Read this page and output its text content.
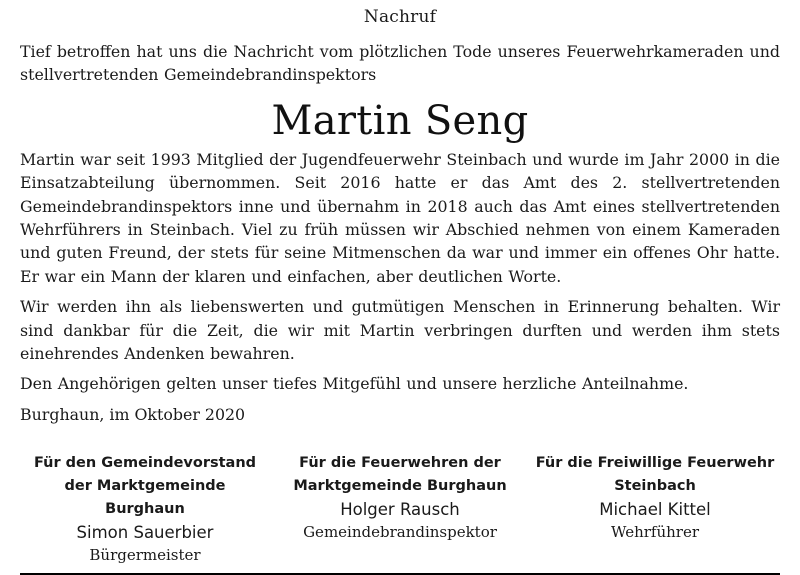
Nachruf

Tief betroffen hat uns die Nachricht vom plötzlichen Tode unseres Feuerwehrkameraden und stellvertretenden Gemeindebrandinspektors

Martin Seng

Martin war seit 1993 Mitglied der Jugendfeuerwehr Steinbach und wurde im Jahr 2000 in die Einsatzabteilung übernommen. Seit 2016 hatte er das Amt des 2. stellvertretenden Gemeindebrandinspektors inne und übernahm in 2018 auch das Amt eines stellvertretenden Wehrführers in Steinbach. Viel zu früh müssen wir Abschied nehmen von einem Kameraden und guten Freund, der stets für seine Mitmenschen da war und immer ein offenes Ohr hatte. Er war ein Mann der klaren und einfachen, aber deutlichen Worte.

Wir werden ihn als liebenswerten und gutmütigen Menschen in Erinnerung behalten. Wir sind dankbar für die Zeit, die wir mit Martin verbringen durften und werden ihm stets einehrendes Andenken bewahren.

Den Angehörigen gelten unser tiefes Mitgefühl und unsere herzliche Anteilnahme.

Burghaun, im Oktober 2020
Für den Gemeindevorstand
der Marktgemeinde
Burghaun
Simon Sauerbier
Bürgermeister
Für die Feuerwehren der
Marktgemeinde Burghaun
Holger Rausch
Gemeindebrandinspektor
Für die Freiwillige Feuerwehr
Steinbach
Michael Kittel
Wehrführer
